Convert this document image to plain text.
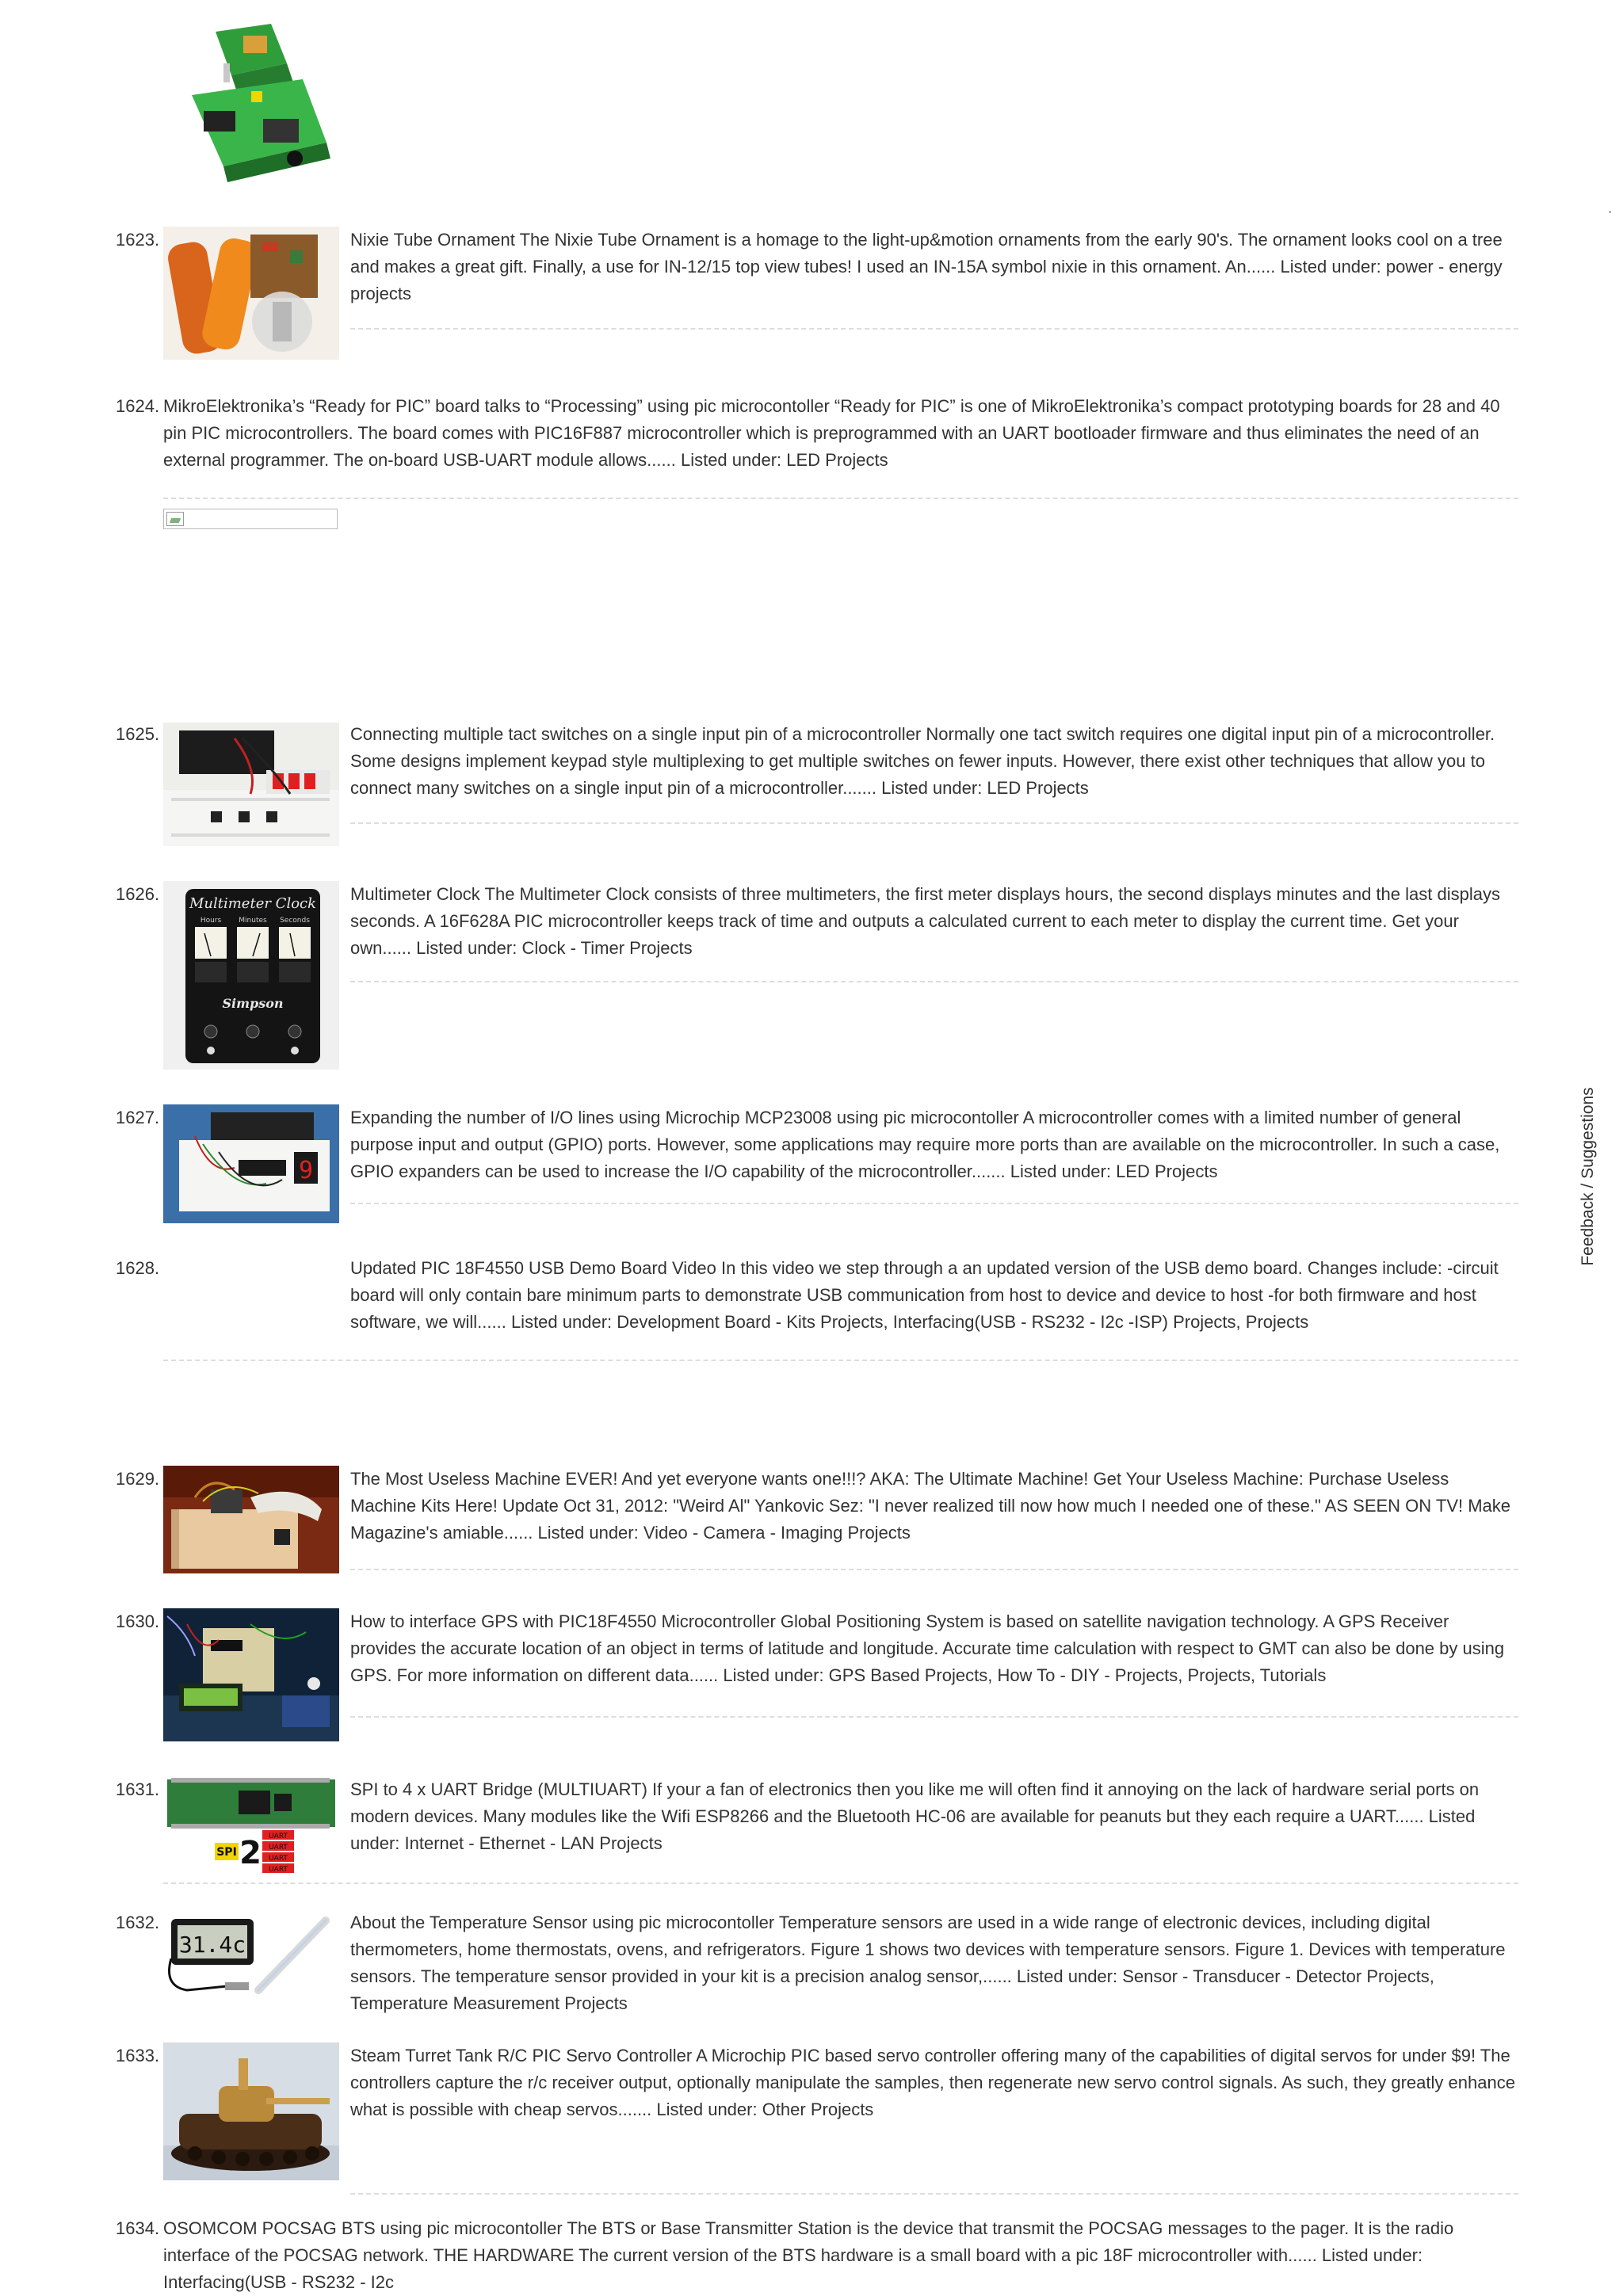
1623.	Nixie Tube Ornament The Nixie Tube Ornament is a homage to the light-up&motion ornaments from the early 90's. The ornament looks cool on a tree and makes a great gift. Finally, a use for IN-12/15 top view tubes! I used an IN-15A symbol nixie in this ornament. An...... Listed under: power - energy projects
1624. MikroElektronika’s “Ready for PIC” board talks to “Processing” using pic microcontoller “Ready for PIC” is one of MikroElektronika’s compact prototyping boards for 28 and 40 pin PIC microcontrollers. The board comes with PIC16F887 microcontroller which is preprogrammed with an UART bootloader firmware and thus eliminates the need of an external programmer. The on-board USB-UART module allows...... Listed under: LED Projects
1625.	Connecting multiple tact switches on a single input pin of a microcontroller Normally one tact switch requires one digital input pin of a microcontroller. Some designs implement keypad style multiplexing to get multiple switches on fewer inputs. However, there exist other techniques that allow you to connect many switches on a single input pin of a microcontroller....... Listed under: LED Projects
1626. Multimeter Clock
Hours Minutes Seconds
Simpson
Multimeter Clock The Multimeter Clock consists of three multimeters, the first meter displays hours, the second displays minutes and the last displays seconds. A 16F628A PIC microcontroller keeps track of time and outputs a calculated current to each meter to display the current time. Get your own...... Listed under: Clock - Timer Projects
1627.
9
Expanding the number of I/O lines using Microchip MCP23008 using pic microcontoller A microcontroller comes with a limited number of general purpose input and output (GPIO) ports. However, some applications may require more ports than are available on the microcontroller. In such a case, GPIO expanders can be used to increase the I/O capability of the microcontroller....... Listed under: LED Projects
1628.	Updated PIC 18F4550 USB Demo Board Video In this video we step through a an updated version of the USB demo board. Changes include: -circuit board will only contain bare minimum parts to demonstrate USB communication from host to device and device to host -for both firmware and host software, we will...... Listed under: Development Board - Kits Projects, Interfacing(USB - RS232 - I2c -ISP) Projects, Projects
1629.	The Most Useless Machine EVER! And yet everyone wants one!!!? AKA: The Ultimate Machine! Get Your Useless Machine: Purchase Useless Machine Kits Here! Update Oct 31, 2012: "Weird Al" Yankovic Sez: "I never realized till now how much I needed one of these." AS SEEN ON TV! Make Magazine's amiable...... Listed under: Video - Camera - Imaging Projects
1630.	How to interface GPS with PIC18F4550 Microcontroller Global Positioning System is based on satellite navigation technology. A GPS Receiver provides the accurate location of an object in terms of latitude and longitude. Accurate time calculation with respect to GMT can also be done by using GPS. For more information on different data...... Listed under: GPS Based Projects, How To - DIY - Projects, Projects, Tutorials
1631.
SPI 2 UART
UART
UART
UART
SPI to 4 x UART Bridge (MULTIUART) If your a fan of electronics then you like me will often find it annoying on the lack of hardware serial ports on modern devices. Many modules like the Wifi ESP8266 and the Bluetooth HC-06 are available for peanuts but they each require a UART...... Listed under: Internet - Ethernet - LAN Projects
1632.
31.4c
About the Temperature Sensor using pic microcontoller Temperature sensors are used in a wide range of electronic devices, including digital thermometers, home thermostats, ovens, and refrigerators. Figure 1 shows two devices with temperature sensors. Figure 1. Devices with temperature sensors. The temperature sensor provided in your kit is a precision analog sensor,...... Listed under: Sensor - Transducer - Detector Projects, Temperature Measurement Projects
1633.	Steam Turret Tank R/C PIC Servo Controller A Microchip PIC based servo controller offering many of the capabilities of digital servos for under $9! The controllers capture the r/c receiver output, optionally manipulate the samples, then regenerate new servo control signals. As such, they greatly enhance what is possible with cheap servos....... Listed under: Other Projects
1634. OSOMCOM POCSAG BTS using pic microcontoller The BTS or Base Transmitter Station is the device that transmit the POCSAG messages to the pager. It is the radio interface of the POCSAG network. THE HARDWARE The current version of the BTS hardware is a small board with a pic 18F microcontroller with...... Listed under: Interfacing(USB - RS232 - I2c
Feedback / Suggestions
